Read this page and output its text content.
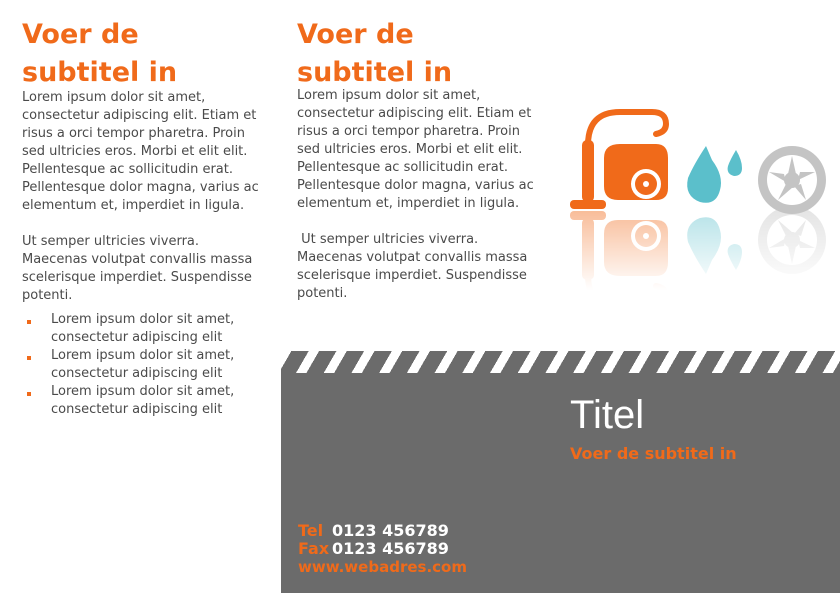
Voer de subtitel in

Lorem ipsum dolor sit amet, consectetur adipiscing elit. Etiam et risus a orci tempor pharetra. Proin sed ultricies eros. Morbi et elit elit. Pellentesque ac sollicitudin erat. Pellentesque dolor magna, varius ac elementum et, imperdiet in ligula.

Ut semper ultricies viverra. Maecenas volutpat convallis massa scelerisque imperdiet. Suspendisse potenti.

Lorem ipsum dolor sit amet, consectetur adipiscing elit
Lorem ipsum dolor sit amet, consectetur adipiscing elit
Lorem ipsum dolor sit amet, consectetur adipiscing elit
Voer de subtitel in

Lorem ipsum dolor sit amet, consectetur adipiscing elit. Etiam et risus a orci tempor pharetra. Proin sed ultricies eros. Morbi et elit elit. Pellentesque ac sollicitudin erat. Pellentesque dolor magna, varius ac elementum et, imperdiet in ligula.

Ut semper ultricies viverra. Maecenas volutpat convallis massa scelerisque imperdiet. Suspendisse potenti.

Titel
Voer de subtitel in
Tel 0123 456789
Fax 0123 456789
www.webadres.com
